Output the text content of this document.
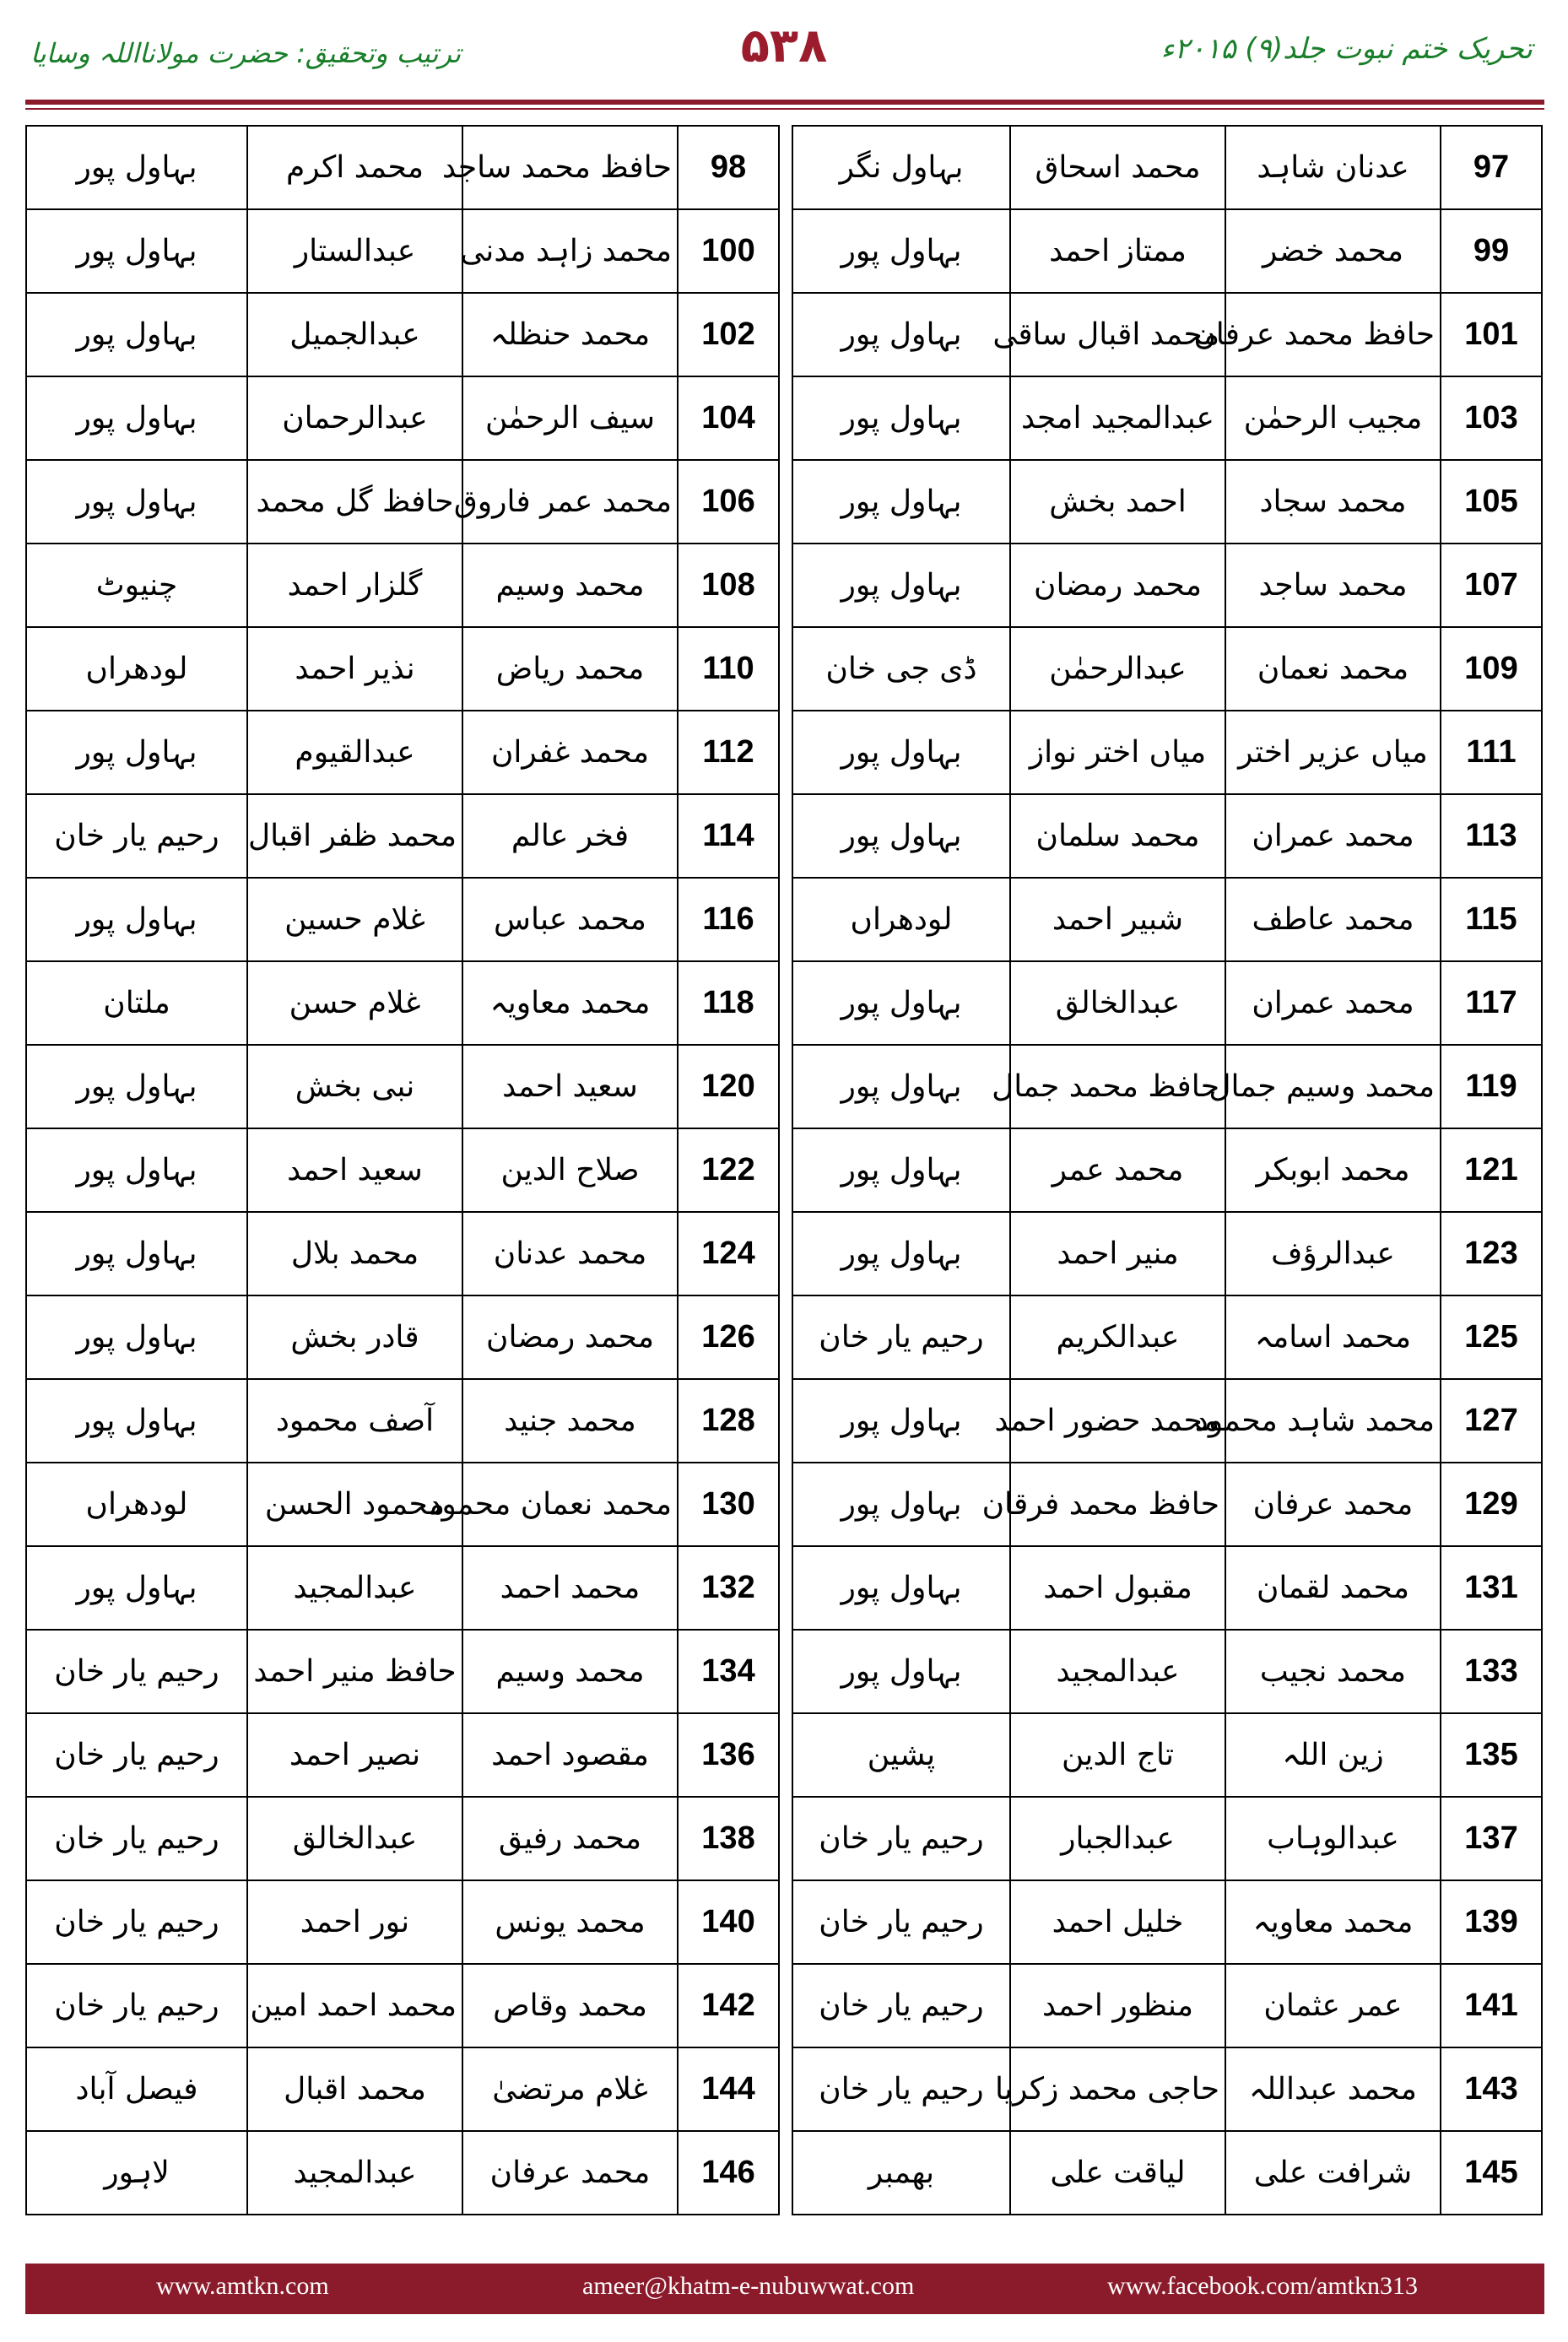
تحریک ختم نبوت جلد(۹) ۲۰۱۵ء
۵۳۸
ترتیب وتحقیق: حضرت مولانااللہ وسایا
97	عدنان شاہد	محمد اسحاق	بہاول نگر
99	محمد خضر	ممتاز احمد	بہاول پور
101	حافظ محمد عرفان	محمد اقبال ساقی	بہاول پور
103	مجیب الرحمٰن	عبدالمجید امجد	بہاول پور
105	محمد سجاد	احمد بخش	بہاول پور
107	محمد ساجد	محمد رمضان	بہاول پور
109	محمد نعمان	عبدالرحمٰن	ڈی جی خان
111	میاں عزیر اختر	میاں اختر نواز	بہاول پور
113	محمد عمران	محمد سلمان	بہاول پور
115	محمد عاطف	شبیر احمد	لودھراں
117	محمد عمران	عبدالخالق	بہاول پور
119	محمد وسیم جمال	حافظ محمد جمال	بہاول پور
121	محمد ابوبکر	محمد عمر	بہاول پور
123	عبدالرؤف	منیر احمد	بہاول پور
125	محمد اسامہ	عبدالکریم	رحیم یار خان
127	محمد شاہد محمود	محمد حضور احمد	بہاول پور
129	محمد عرفان	حافظ محمد فرقان	بہاول پور
131	محمد لقمان	مقبول احمد	بہاول پور
133	محمد نجیب	عبدالمجید	بہاول پور
135	زین اللہ	تاج الدین	پشین
137	عبدالوہاب	عبدالجبار	رحیم یار خان
139	محمد معاویہ	خلیل احمد	رحیم یار خان
141	عمر عثمان	منظور احمد	رحیم یار خان
143	محمد عبداللہ	حاجی محمد زکریا	رحیم یار خان
145	شرافت علی	لیاقت علی	بھمبر
98	حافظ محمد ساجد	محمد اکرم	بہاول پور
100	محمد زاہد مدنی	عبدالستار	بہاول پور
102	محمد حنظلہ	عبدالجمیل	بہاول پور
104	سیف الرحمٰن	عبدالرحمان	بہاول پور
106	محمد عمر فاروق	حافظ گل محمد	بہاول پور
108	محمد وسیم	گلزار احمد	چنیوٹ
110	محمد ریاض	نذیر احمد	لودھراں
112	محمد غفران	عبدالقیوم	بہاول پور
114	فخر عالم	محمد ظفر اقبال	رحیم یار خان
116	محمد عباس	غلام حسین	بہاول پور
118	محمد معاویہ	غلام حسن	ملتان
120	سعید احمد	نبی بخش	بہاول پور
122	صلاح الدین	سعید احمد	بہاول پور
124	محمد عدنان	محمد بلال	بہاول پور
126	محمد رمضان	قادر بخش	بہاول پور
128	محمد جنید	آصف محمود	بہاول پور
130	محمد نعمان محمود	محمود الحسن	لودھراں
132	محمد احمد	عبدالمجید	بہاول پور
134	محمد وسیم	حافظ منیر احمد	رحیم یار خان
136	مقصود احمد	نصیر احمد	رحیم یار خان
138	محمد رفیق	عبدالخالق	رحیم یار خان
140	محمد یونس	نور احمد	رحیم یار خان
142	محمد وقاص	محمد احمد امین	رحیم یار خان
144	غلام مرتضیٰ	محمد اقبال	فیصل آباد
146	محمد عرفان	عبدالمجید	لاہور
www.amtkn.com	ameer@khatm-e-nubuwwat.com	www.facebook.com/amtkn313
